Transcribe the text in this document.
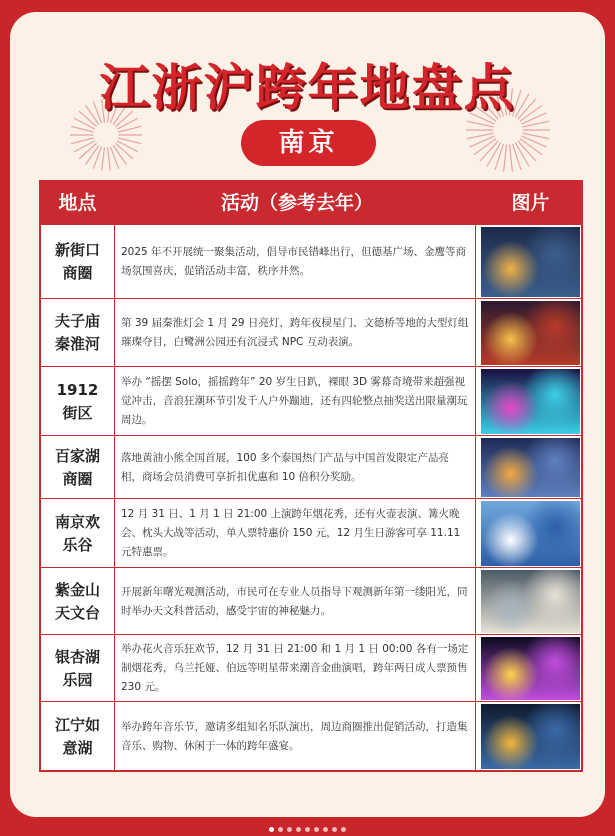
江浙沪跨年地盘点
南京
地点	活动（参考去年）	图片
新街口
商圈
2025 年不开展统一聚集活动，倡导市民错峰出行，但德基广场、金鹰等商场氛围喜庆，促销活动丰富，秩序井然。
夫子庙
秦淮河
第 39 届秦淮灯会 1 月 29 日亮灯，跨年夜棂星门、文德桥等地的大型灯组璀璨夺目，白鹭洲公园还有沉浸式 NPC 互动表演。
1912
街区
举办 “摇摆 Solo，摇摇跨年” 20 岁生日趴，裸眼 3D 雾幕奇境带来超强视觉冲击，音浪狂潮环节引发千人户外蹦迪，还有四轮整点抽奖送出限量潮玩周边。
百家湖
商圈
落地黄油小熊全国首展，100 多个泰国热门产品与中国首发限定产品亮相，商场会员消费可享折扣优惠和 10 倍积分奖励。
南京欢
乐谷
12 月 31 日、1 月 1 日 21:00 上演跨年烟花秀，还有火壶表演、篝火晚会、枕头大战等活动，单人票特惠价 150 元，12 月生日游客可享 11.11 元特惠票。
紫金山
天文台
开展新年曙光观测活动，市民可在专业人员指导下观测新年第一缕阳光，同时举办天文科普活动，感受宇宙的神秘魅力。
银杏湖
乐园
举办花火音乐狂欢节，12 月 31 日 21:00 和 1 月 1 日 00:00 各有一场定制烟花秀，乌兰托娅、伯远等明星带来潮音金曲演唱，跨年两日成人票预售 230 元。
江宁如
意湖
举办跨年音乐节，邀请多组知名乐队演出，周边商圈推出促销活动，打造集音乐、购物、休闲于一体的跨年盛宴。
